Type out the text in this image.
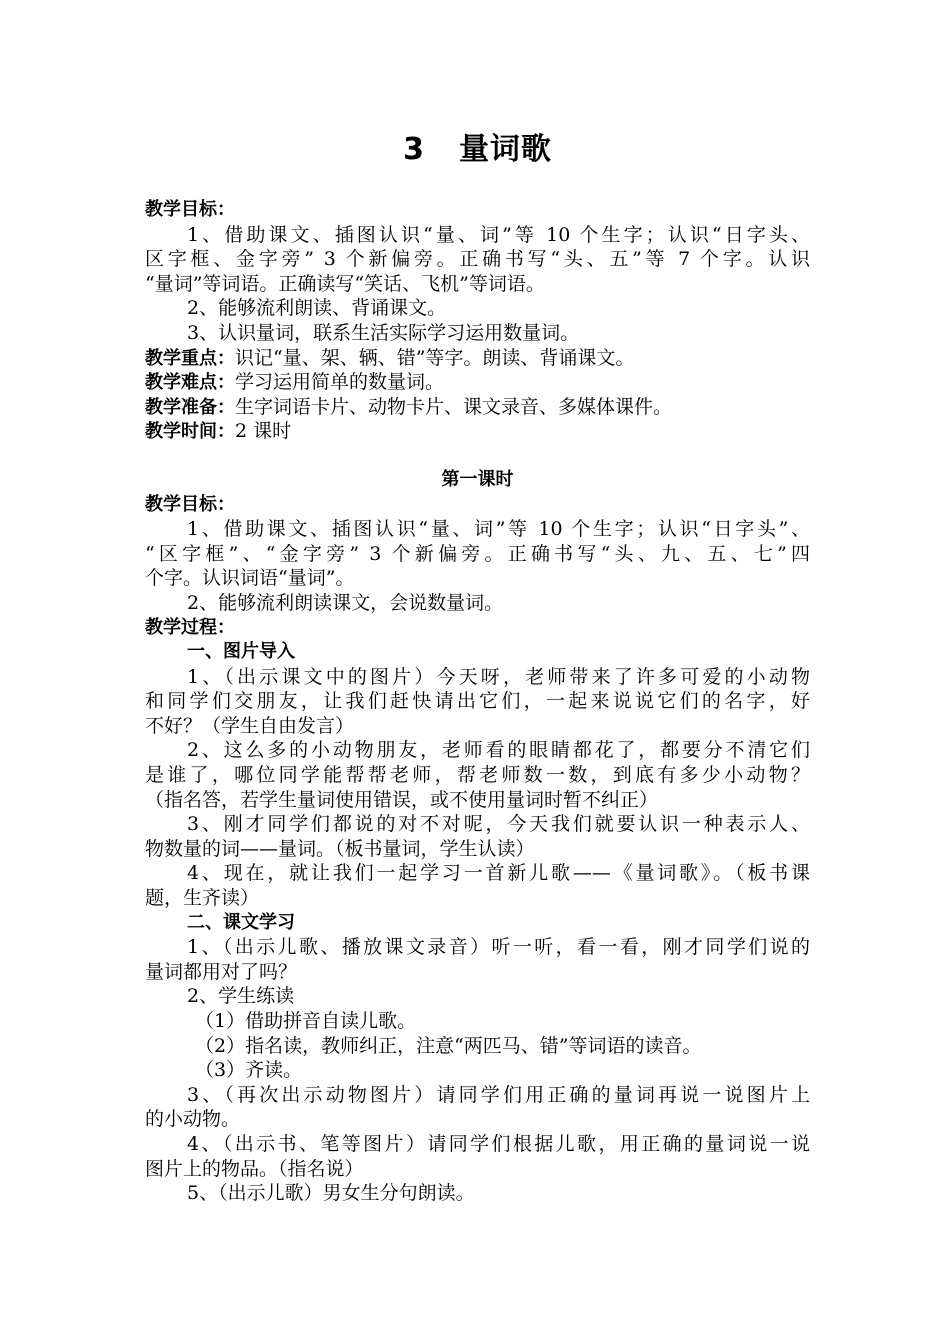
3 量词歌
教学目标：
1、借助课文、插图认识“量、词”等 10 个生字；认识“日字头、
区字框、金字旁” 3 个新偏旁。正确书写“头、五”等 7 个字。认识
“量词”等词语。正确读写“笑话、飞机”等词语。
2、能够流利朗读、背诵课文。
3、认识量词，联系生活实际学习运用数量词。
教学重点：识记“量、架、辆、错”等字。朗读、背诵课文。
教学难点：学习运用简单的数量词。
教学准备：生字词语卡片、动物卡片、课文录音、多媒体课件。
教学时间：2 课时
第一课时
教学目标：
1、借助课文、插图认识“量、词”等 10 个生字；认识“日字头”、
“区字框”、“金字旁” 3 个新偏旁。正确书写“头、九、五、七”四
个字。认识词语“量词”。
2、能够流利朗读课文，会说数量词。
教学过程：
一、图片导入
1、（出示课文中的图片）今天呀，老师带来了许多可爱的小动物
和同学们交朋友，让我们赶快请出它们，一起来说说它们的名字，好
不好？（学生自由发言）
2、这么多的小动物朋友，老师看的眼睛都花了，都要分不清它们
是谁了，哪位同学能帮帮老师，帮老师数一数，到底有多少小动物？
（指名答，若学生量词使用错误，或不使用量词时暂不纠正）
3、刚才同学们都说的对不对呢，今天我们就要认识一种表示人、
物数量的词——量词。（板书量词，学生认读）
4、现在，就让我们一起学习一首新儿歌——《量词歌》。（板书课
题，生齐读）
二、课文学习
1、（出示儿歌、播放课文录音）听一听，看一看，刚才同学们说的
量词都用对了吗？
2、学生练读
（1）借助拼音自读儿歌。
（2）指名读，教师纠正，注意“两匹马、错”等词语的读音。
（3）齐读。
3、（再次出示动物图片）请同学们用正确的量词再说一说图片上
的小动物。
4、（出示书、笔等图片）请同学们根据儿歌，用正确的量词说一说
图片上的物品。（指名说）
5、（出示儿歌）男女生分句朗读。
